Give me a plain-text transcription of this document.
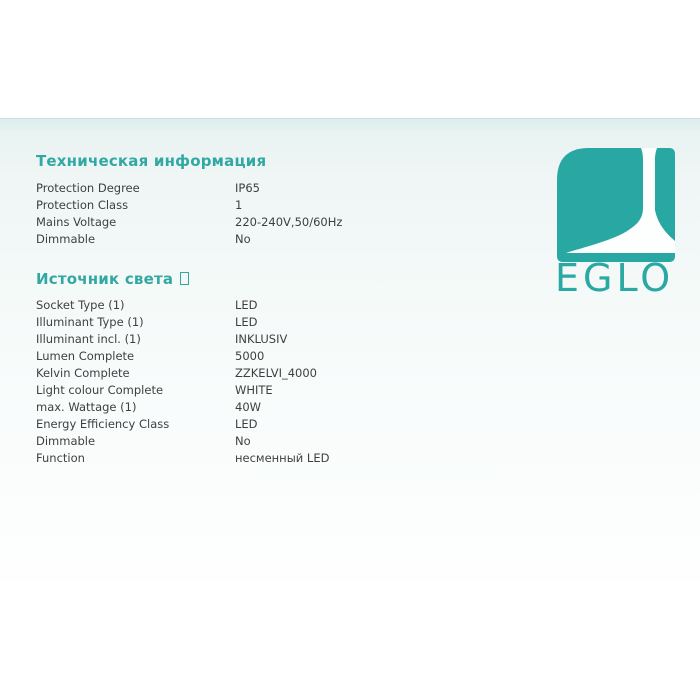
Техническая информация
Protection Degree	IP65
Protection Class	1
Mains Voltage	220-240V,50/60Hz
Dimmable	No
Источник света
Socket Type (1)	LED
Illuminant Type (1)	LED
Illuminant incl. (1)	INKLUSIV
Lumen Complete	5000
Kelvin Complete	ZZKELVI_4000
Light colour Complete	WHITE
max. Wattage (1)	40W
Energy Efficiency Class	LED
Dimmable	No
Function	несменный LED
EGLO
